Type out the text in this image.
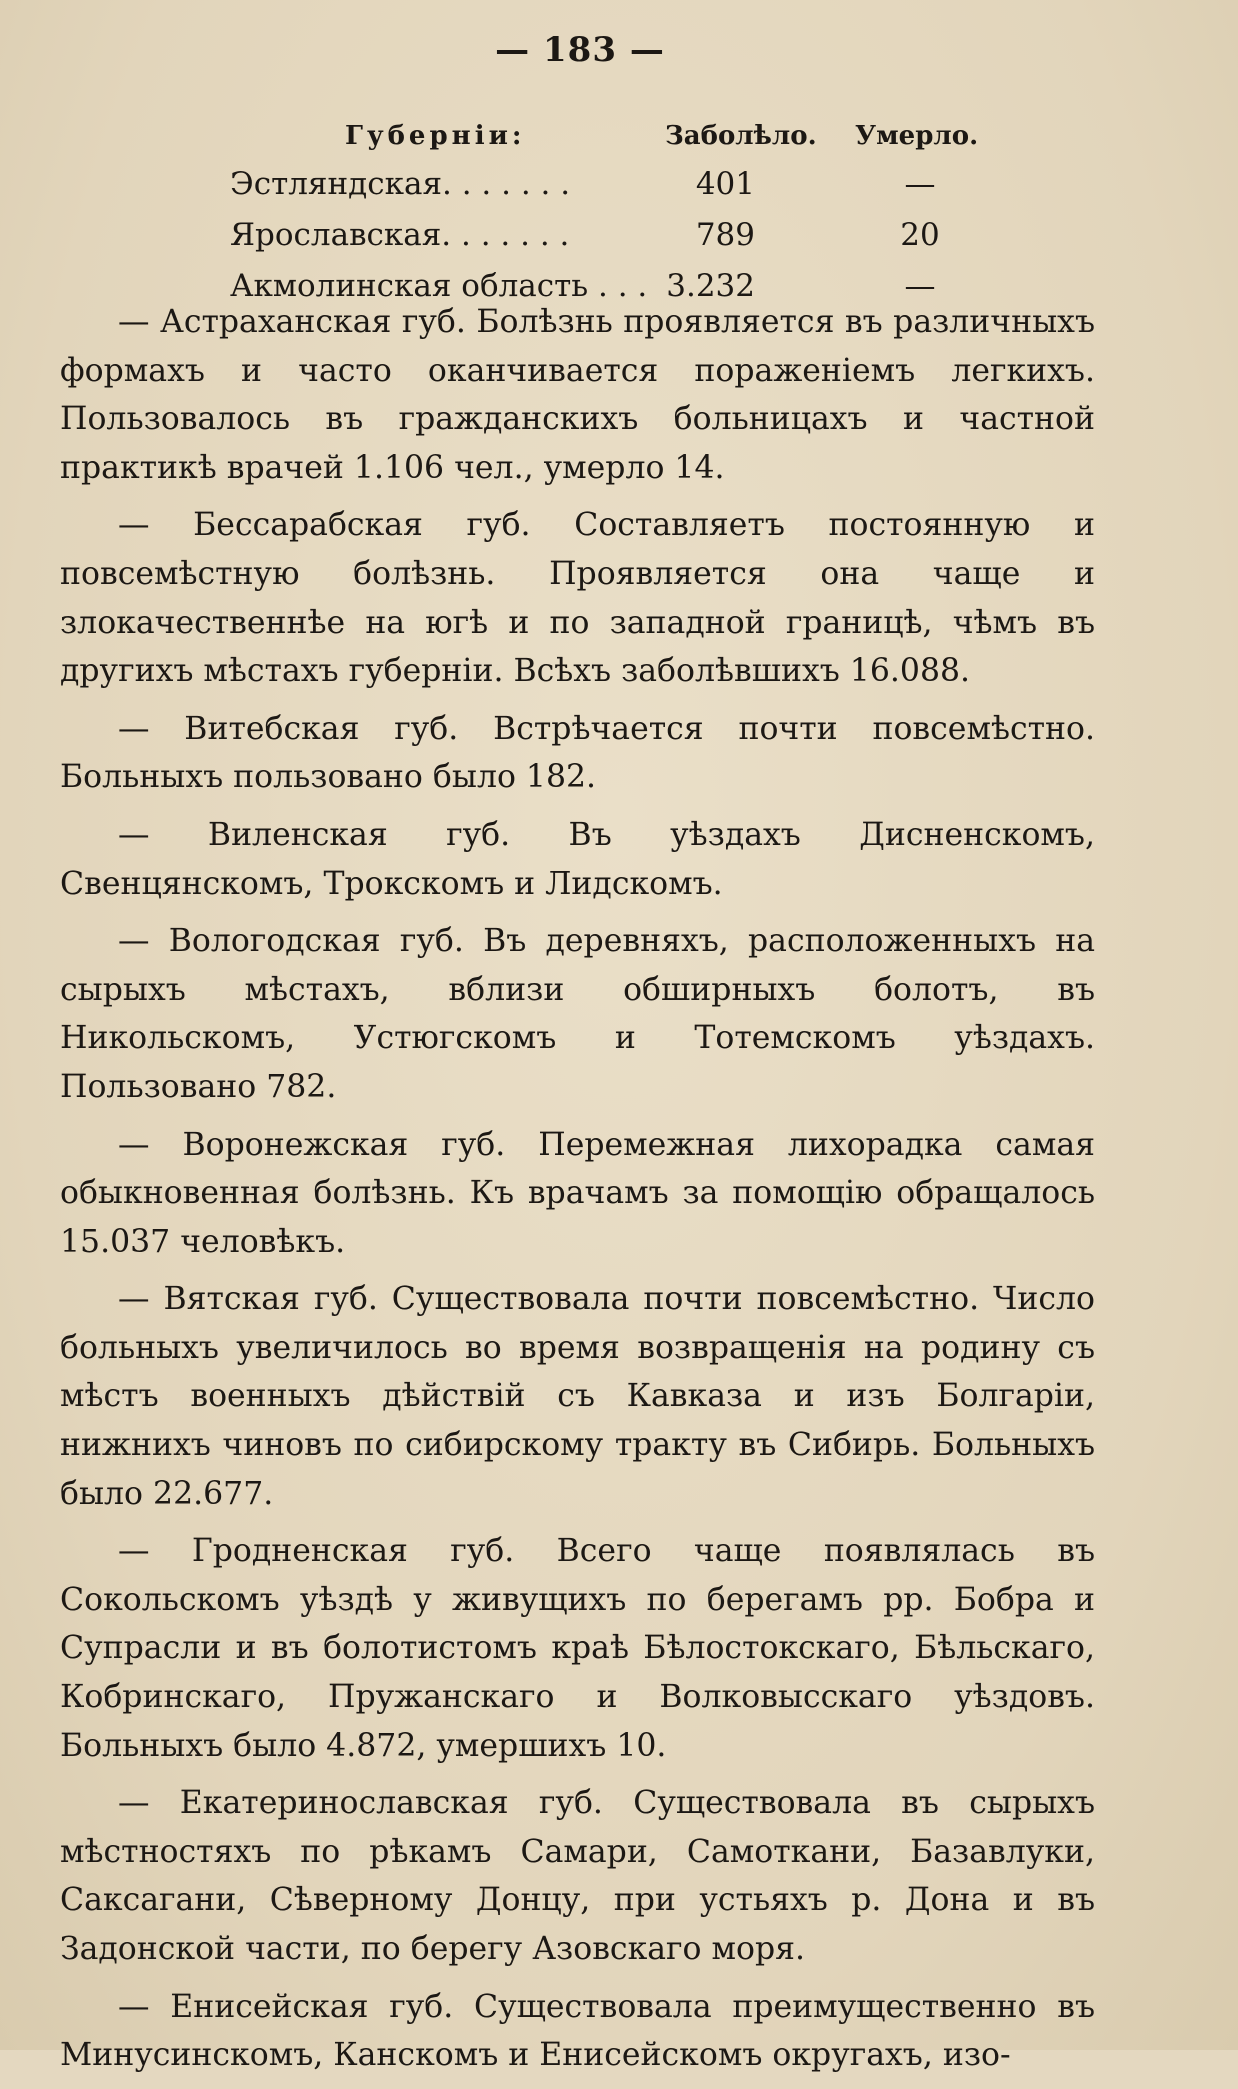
— 183 —
Губерніи:	Заболѣло. Умерло.
Эстляндская. . . . . . .	401	—
Ярославская. . . . . . .	789	20
Акмолинская область . . . 3.232	—

— Астраханская губ. Болѣзнь проявляется въ различныхъ формахъ и часто оканчивается пораженіемъ легкихъ. Пользовалось въ гражданскихъ больницахъ и частной практикѣ врачей 1.106 чел., умерло 14.

— Бессарабская губ. Составляетъ постоянную и повсемѣстную болѣзнь. Проявляется она чаще и злокачественнѣе на югѣ и по западной границѣ, чѣмъ въ другихъ мѣстахъ губерніи. Всѣхъ заболѣвшихъ 16.088.

— Витебская губ. Встрѣчается почти повсемѣстно. Больныхъ пользовано было 182.

— Виленская губ. Въ уѣздахъ Дисненскомъ, Свенцянскомъ, Трокскомъ и Лидскомъ.

— Вологодская губ. Въ деревняхъ, расположенныхъ на сырыхъ мѣстахъ, вблизи обширныхъ болотъ, въ Никольскомъ, Устюгскомъ и Тотемскомъ уѣздахъ. Пользовано 782.

— Воронежская губ. Перемежная лихорадка самая обыкновенная болѣзнь. Къ врачамъ за помощію обращалось 15.037 человѣкъ.

— Вятская губ. Существовала почти повсемѣстно. Число больныхъ увеличилось во время возвращенія на родину съ мѣстъ военныхъ дѣйствій съ Кавказа и изъ Болгаріи, нижнихъ чиновъ по сибирскому тракту въ Сибирь. Больныхъ было 22.677.

— Гродненская губ. Всего чаще появлялась въ Сокольскомъ уѣздѣ у живущихъ по берегамъ рр. Бобра и Супрасли и въ болотистомъ краѣ Бѣлостокскаго, Бѣльскаго, Кобринскаго, Пружанскаго и Волковысскаго уѣздовъ. Больныхъ было 4.872, умершихъ 10.

— Екатеринославская губ. Существовала въ сырыхъ мѣстностяхъ по рѣкамъ Самари, Самоткани, Базавлуки, Саксагани, Сѣверному Донцу, при устьяхъ р. Дона и въ Задонской части, по берегу Азовскаго моря.

— Енисейская губ. Существовала преимущественно въ Минусинскомъ, Канскомъ и Енисейскомъ округахъ, изо-
